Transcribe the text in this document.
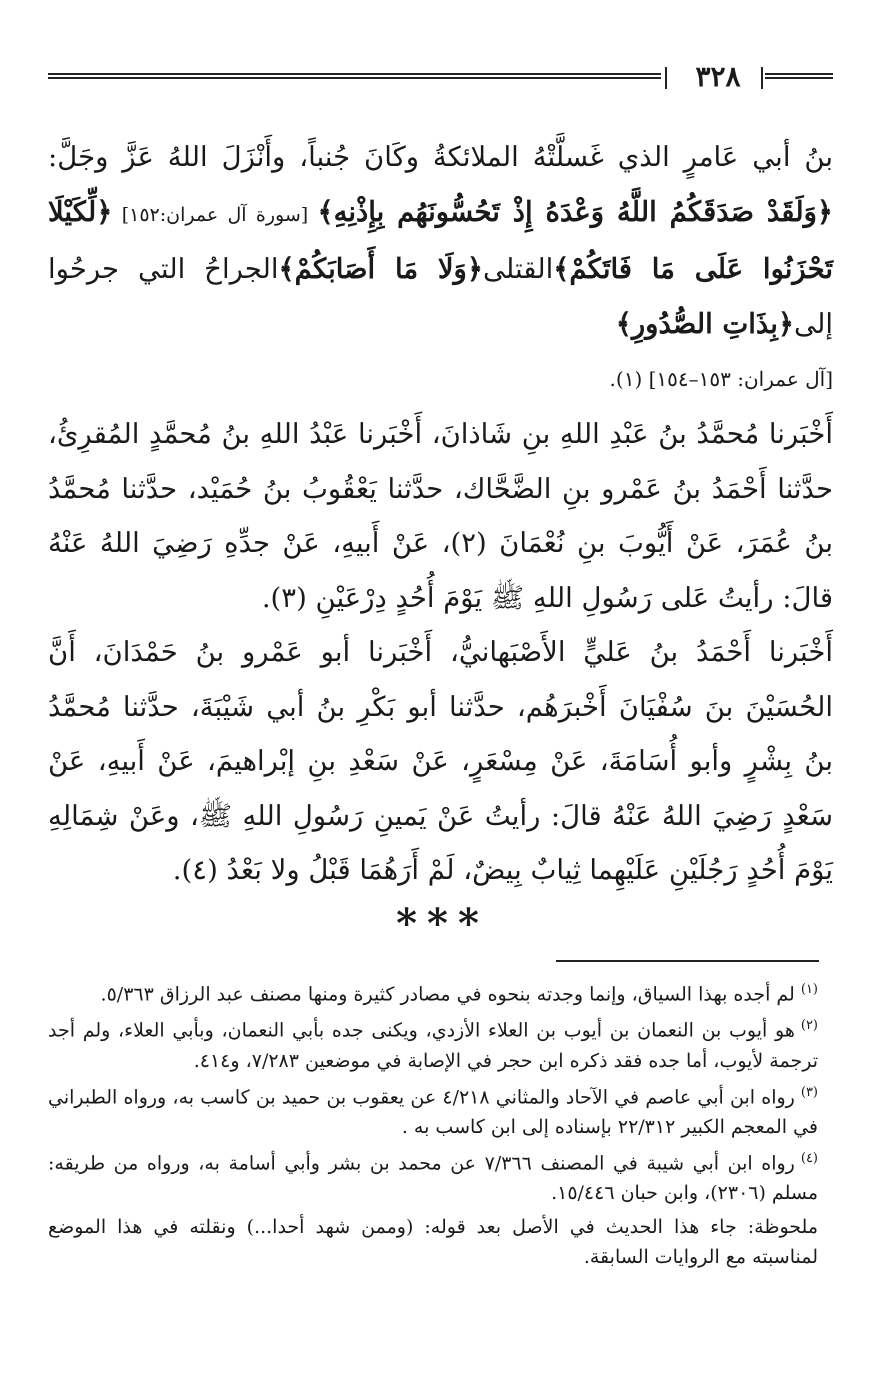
٣٢٨

بنُ أبي عَامرٍ الذي غَسلَّتْهُ الملائكةُ وكَانَ جُنباً، وأَنْزَلَ اللهُ عَزَّ وجَلَّ: ﴿وَلَقَدْ صَدَقَكُمُ اللَّهُ وَعْدَهُ إِذْ تَحُسُّونَهُم بِإِذْنِهِ﴾ [سورة آل عمران:١٥٢] ﴿لِّكَيْلَا تَحْزَنُوا عَلَى مَا فَاتَكُمْ﴾القتلى﴿وَلَا مَا أَصَابَكُمْ﴾الجراحُ التي جرحُوا إلى﴿بِذَاتِ الصُّدُورِ﴾

[آل عمران: ١٥٣–١٥٤] (١).

أَخْبَرنا مُحمَّدُ بنُ عَبْدِ اللهِ بنِ شَاذانَ، أَخْبَرنا عَبْدُ اللهِ بنُ مُحمَّدٍ المُقرِئُ، حدَّثنا أَحْمَدُ بنُ عَمْرو بنِ الضَّحَّاك، حدَّثنا يَعْقُوبُ بنُ حُمَيْد، حدَّثنا مُحمَّدُ بنُ عُمَرَ، عَنْ أَيُّوبَ بنِ نُعْمَانَ (٢)، عَنْ أَبيهِ، عَنْ جدِّهِ رَضِيَ اللهُ عَنْهُ قالَ: رأيتُ عَلى رَسُولِ اللهِ ﷺ يَوْمَ أُحُدٍ دِرْعَيْنِ (٣).

أَخْبَرنا أَحْمَدُ بنُ عَليٍّ الأَصْبَهانيُّ، أَخْبَرنا أبو عَمْرو بنُ حَمْدَانَ، أَنَّ الحُسَيْنَ بنَ سُفْيَانَ أَخْبرَهُم، حدَّثنا أبو بَكْرِ بنُ أبي شَيْبَةَ، حدَّثنا مُحمَّدُ بنُ بِشْرٍ وأبو أُسَامَةَ، عَنْ مِسْعَرٍ، عَنْ سَعْدِ بنِ إبْراهيمَ، عَنْ أَبيهِ، عَنْ سَعْدٍ رَضِيَ اللهُ عَنْهُ قالَ: رأيتُ عَنْ يَمينِ رَسُولِ اللهِ ﷺ، وعَنْ شِمَالِهِ يَوْمَ أُحُدٍ رَجُلَيْنِ عَلَيْهِما ثِيابٌ بِيضٌ، لَمْ أَرَهُمَا قَبْلُ ولا بَعْدُ (٤).

***

$^{(١)}$لم أجده بهذا السياق، وإنما وجدته بنحوه في مصادر كثيرة ومنها مصنف عبد الرزاق ٥/٣٦٣.

$^{(٢)}$هو أيوب بن النعمان بن أيوب بن العلاء الأزدي، ويكنى جده بأبي النعمان، وبأبي العلاء، ولم أجد ترجمة لأيوب، أما جده فقد ذكره ابن حجر في الإصابة في موضعين ٧/٢٨٣، و٤١٤.

$^{(٣)}$رواه ابن أبي عاصم في الآحاد والمثاني ٤/٢١٨ عن يعقوب بن حميد بن كاسب به، ورواه الطبراني في المعجم الكبير ٢٢/٣١٢ بإسناده إلى ابن كاسب به .

$^{(٤)}$رواه ابن أبي شيبة في المصنف ٧/٣٦٦ عن محمد بن بشر وأبي أسامة به، ورواه من طريقه: مسلم (٢٣٠٦)، وابن حبان ١٥/٤٤٦.

ملحوظة: جاء هذا الحديث في الأصل بعد قوله: (وممن شهد أحدا...) ونقلته في هذا الموضع لمناسبته مع الروايات السابقة.
